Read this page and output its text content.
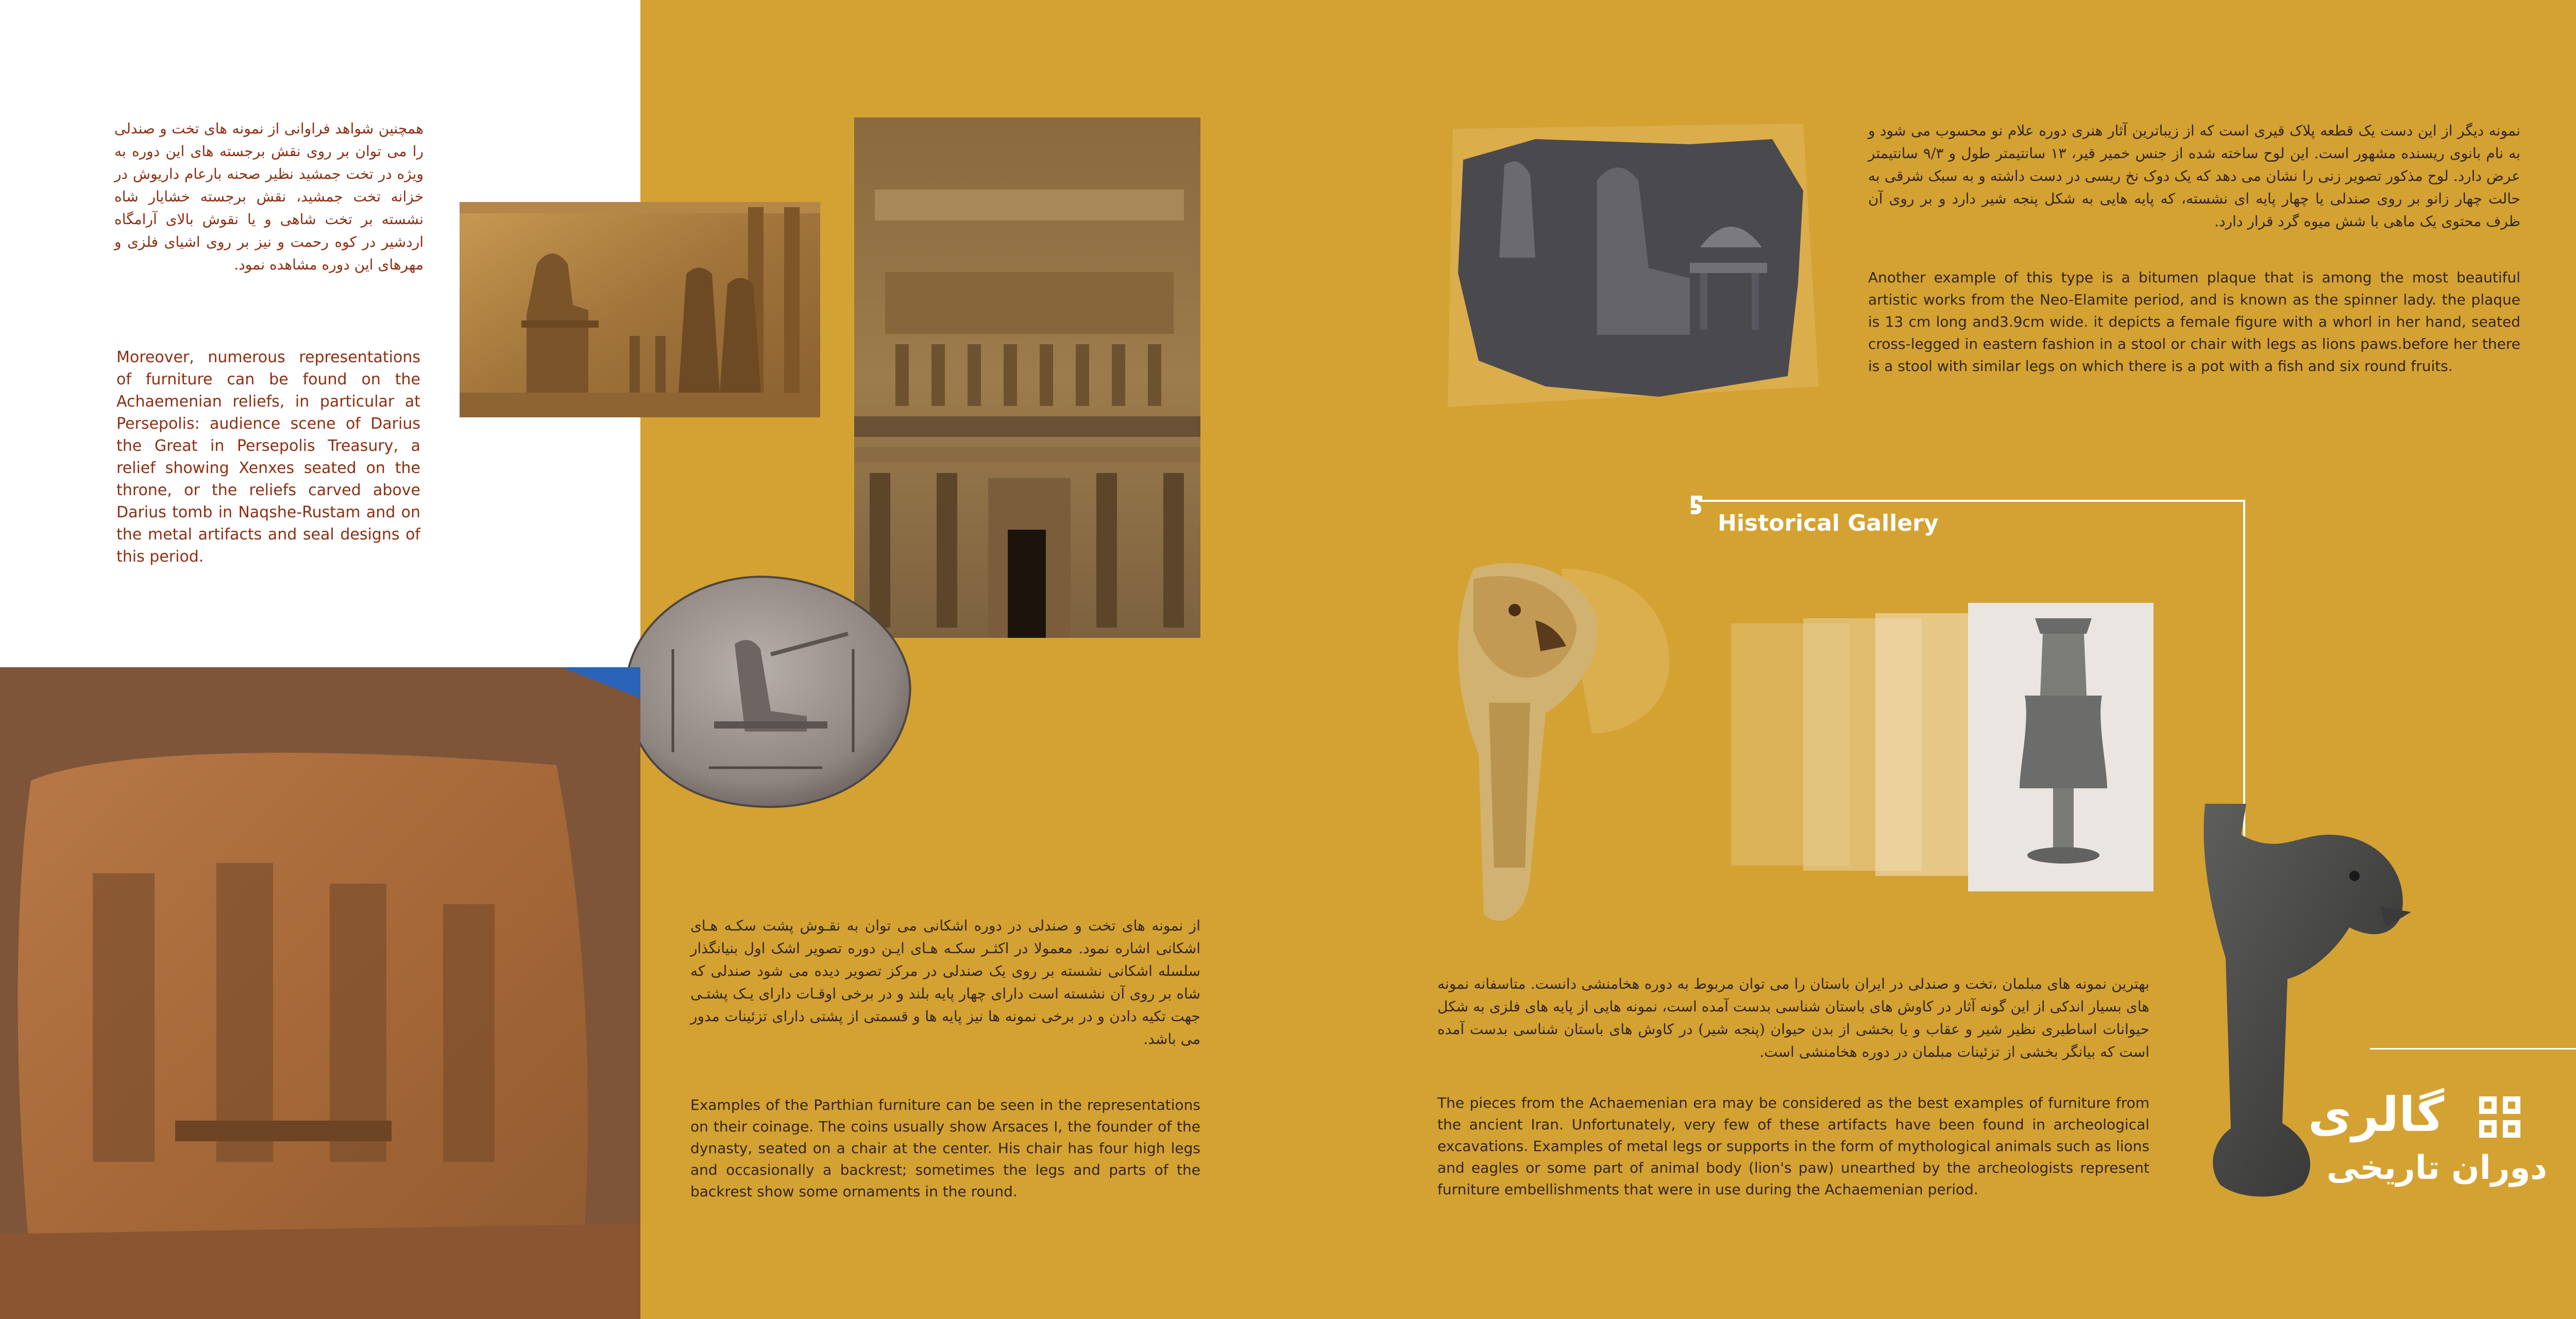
همچنین شواهد فراوانی از نمونه های تخت و صندلی را می توان بر روی نقش برجسته های این دوره به ویژه در تخت جمشید نظیر صحنه بارعام داریوش در خزانه تخت جمشید، نقش برجسته خشایار شاه نشسته بر تخت شاهی و یا نقوش بالای آرامگاه اردشیر در کوه رحمت و نیز بر روی اشیای فلزی و مهرهای این دوره مشاهده نمود.

Moreover, numerous representations of furniture can be found on the Achaemenian reliefs, in particular at Persepolis: audience scene of Darius the Great in Persepolis Treasury, a relief showing Xenxes seated on the throne, or the reliefs carved above Darius tomb in Naqshe-Rustam and on the metal artifacts and seal designs of this period.

از نمونه های تخت و صندلی در دوره اشکانی می توان به نقـوش پشت سکـه هـای اشکانی اشاره نمود. معمولا در اکثـر سکـه هـای ایـن دوره تصویر اشک اول بنیانگذار سلسله اشکانی نشسته بر روی یک صندلی در مرکز تصویر دیده می شود صندلی که شاه بر روی آن نشسته است دارای چهار پایه بلند و در برخی اوقـات دارای یـک پشتـی جهت تکیه دادن و در برخی نمونه ها نیز پایه ها و قسمتی از پشتی دارای تزئینات مدور می باشد.

Examples of the Parthian furniture can be seen in the representations on their coinage. The coins usually show Arsaces I, the founder of the dynasty, seated on a chair at the center. His chair has four high legs and occasionally a backrest; sometimes the legs and parts of the backrest show some ornaments in the round.

نمونه دیگر از این دست یک قطعه پلاک قیری است که از زیباترین آثار هنری دوره علام نو محسوب می شود و به نام بانوی ریسنده مشهور است. این لوح ساخته شده از جنس خمیر قیر، ۱۳ سانتیمتر طول و ۹/۳ سانتیمتر عرض دارد. لوح مذکور تصویر زنی را نشان می دهد که یک دوک نخ ریسی در دست داشته و به سبک شرقی به حالت چهار زانو بر روی صندلی یا چهار پایه ای نشسته، که پایه هایی به شکل پنجه شیر دارد و بر روی آن ظرف محتوی یک ماهی با شش میوه گرد قرار دارد.

Another example of this type is a bitumen plaque that is among the most beautiful artistic works from the Neo-Elamite period, and is known as the spinner lady. the plaque is 13 cm long and3.9cm wide. it depicts a female figure with a whorl in her hand, seated cross-legged in eastern fashion in a stool or chair with legs as lions paws.before her there is a stool with similar legs on which there is a pot with a fish and six round fruits.

Historical Gallery

بهترین نمونه های مبلمان ،تخت و صندلی در ایران باستان را می توان مربوط به دوره هخامنشی دانست. متاسفانه نمونه های بسیار اندکی از این گونه آثار در کاوش های باستان شناسی بدست آمده است، نمونه هایی از پایه های فلزی به شکل حیوانات اساطیری نظیر شیر و عقاب و یا بخشی از بدن حیوان (پنجه شیر) در کاوش های باستان شناسی بدست آمده است که بیانگر بخشی از تزئینات مبلمان در دوره هخامنشی است.

The pieces from the Achaemenian era may be considered as the best examples of furniture from the ancient Iran. Unfortunately, very few of these artifacts have been found in archeological excavations. Examples of metal legs or supports in the form of mythological animals such as lions and eagles or some part of animal body (lion's paw) unearthed by the archeologists represent furniture embellishments that were in use during the Achaemenian period.

گالری
دوران تاریخی
